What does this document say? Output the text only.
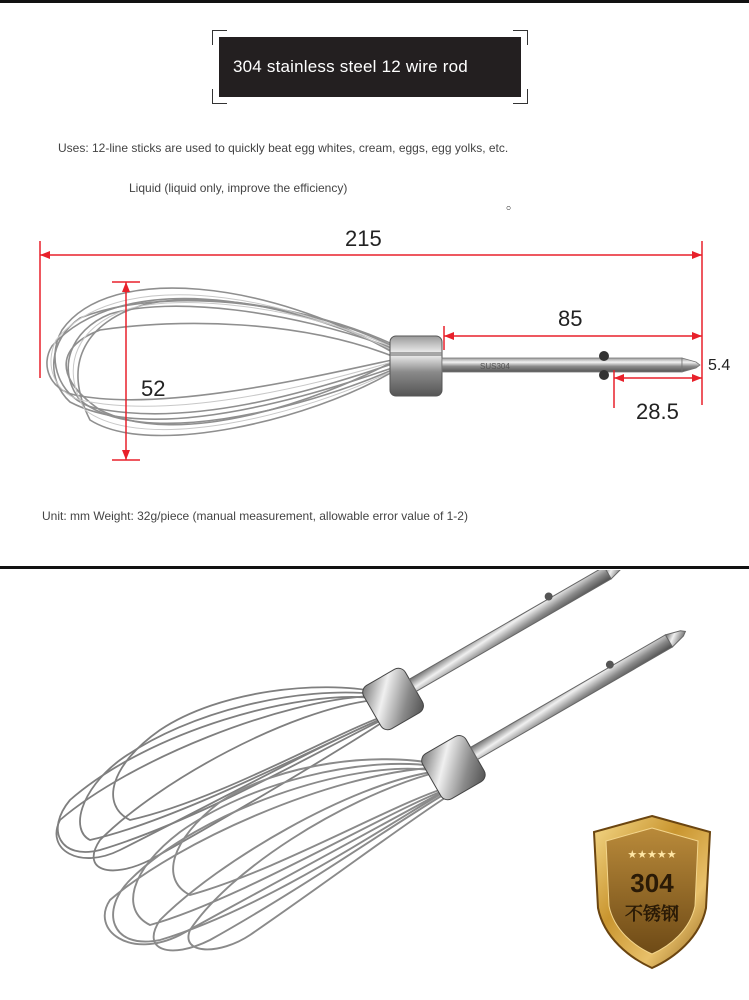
304 stainless steel 12 wire rod
Uses: 12-line sticks are used to quickly beat egg whites, cream, eggs, egg yolks, etc.
Liquid (liquid only, improve the efficiency)
。
SUS304
215
85
52
28.5
5.4
Unit: mm Weight: 32g/piece (manual measurement, allowable error value of 1-2)
★★★★★
304
不锈钢
